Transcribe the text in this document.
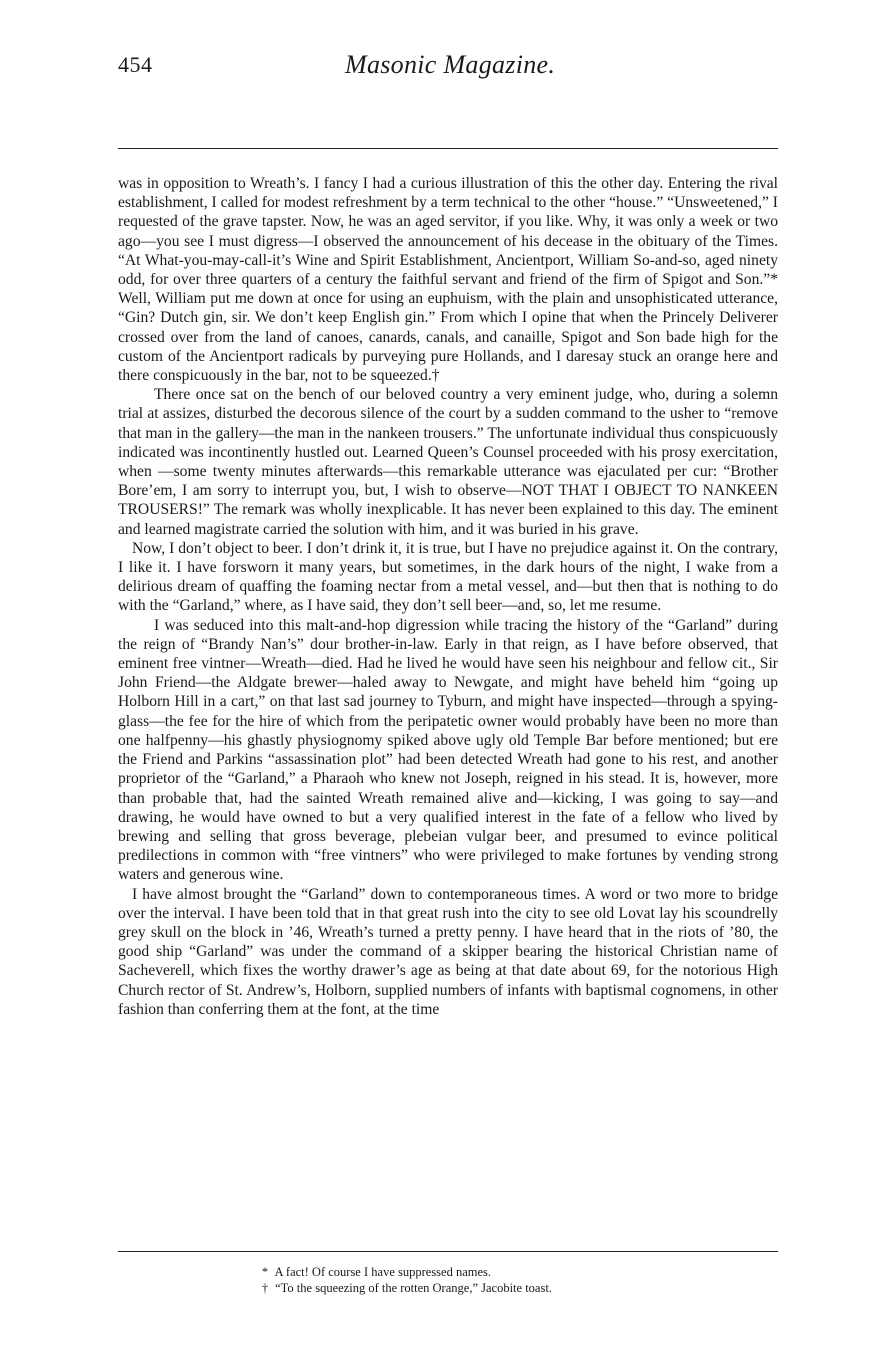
454	Masonic Magazine.

was in opposition to Wreath’s. I fancy I had a curious illustration of this the other day. Entering the rival establishment, I called for modest refreshment by a term technical to the other “house.” “Unsweetened,” I requested of the grave tapster. Now, he was an aged servitor, if you like. Why, it was only a week or two ago—you see I must digress—I observed the announcement of his decease in the obituary of the Times. “At What-you-may-call-it’s Wine and Spirit Establishment, Ancientport, William So-and-so, aged ninety odd, for over three quarters of a century the faithful servant and friend of the firm of Spigot and Son.”* Well, William put me down at once for using an euphuism, with the plain and unsophisticated utterance, “Gin? Dutch gin, sir. We don’t keep English gin.” From which I opine that when the Princely Deliverer crossed over from the land of canoes, canards, canals, and canaille, Spigot and Son bade high for the custom of the Ancientport radicals by purveying pure Hollands, and I daresay stuck an orange here and there conspicuously in the bar, not to be squeezed.†

There once sat on the bench of our beloved country a very eminent judge, who, during a solemn trial at assizes, disturbed the decorous silence of the court by a sudden command to the usher to “remove that man in the gallery—the man in the nankeen trousers.” The unfortunate individual thus conspicuously indicated was incontinently hustled out. Learned Queen’s Counsel proceeded with his prosy exercitation, when —some twenty minutes afterwards—this remarkable utterance was ejaculated per cur: “Brother Bore’em, I am sorry to interrupt you, but, I wish to observe—NOT THAT I OBJECT TO NANKEEN TROUSERS!” The remark was wholly inexplicable. It has never been explained to this day. The eminent and learned magistrate carried the solution with him, and it was buried in his grave.

Now, I don’t object to beer. I don’t drink it, it is true, but I have no prejudice against it. On the contrary, I like it. I have forsworn it many years, but sometimes, in the dark hours of the night, I wake from a delirious dream of quaffing the foaming nectar from a metal vessel, and—but then that is nothing to do with the “Garland,” where, as I have said, they don’t sell beer—and, so, let me resume.

I was seduced into this malt-and-hop digression while tracing the history of the “Garland” during the reign of “Brandy Nan’s” dour brother-in-law. Early in that reign, as I have before observed, that eminent free vintner—Wreath—died. Had he lived he would have seen his neighbour and fellow cit., Sir John Friend—the Aldgate brewer—haled away to Newgate, and might have beheld him “going up Holborn Hill in a cart,” on that last sad journey to Tyburn, and might have inspected—through a spying-glass—the fee for the hire of which from the peripatetic owner would probably have been no more than one halfpenny—his ghastly physiognomy spiked above ugly old Temple Bar before mentioned; but ere the Friend and Parkins “assassination plot” had been detected Wreath had gone to his rest, and another proprietor of the “Garland,” a Pharaoh who knew not Joseph, reigned in his stead. It is, however, more than probable that, had the sainted Wreath remained alive and—kicking, I was going to say—and drawing, he would have owned to but a very qualified interest in the fate of a fellow who lived by brewing and selling that gross beverage, plebeian vulgar beer, and presumed to evince political predilections in common with “free vintners” who were privileged to make fortunes by vending strong waters and generous wine.

I have almost brought the “Garland” down to contemporaneous times. A word or two more to bridge over the interval. I have been told that in that great rush into the city to see old Lovat lay his scoundrelly grey skull on the block in ’46, Wreath’s turned a pretty penny. I have heard that in the riots of ’80, the good ship “Garland” was under the command of a skipper bearing the historical Christian name of Sacheverell, which fixes the worthy drawer’s age as being at that date about 69, for the notorious High Church rector of St. Andrew’s, Holborn, supplied numbers of infants with baptismal cognomens, in other fashion than conferring them at the font, at the time

* A fact! Of course I have suppressed names.

† “To the squeezing of the rotten Orange,” Jacobite toast.
